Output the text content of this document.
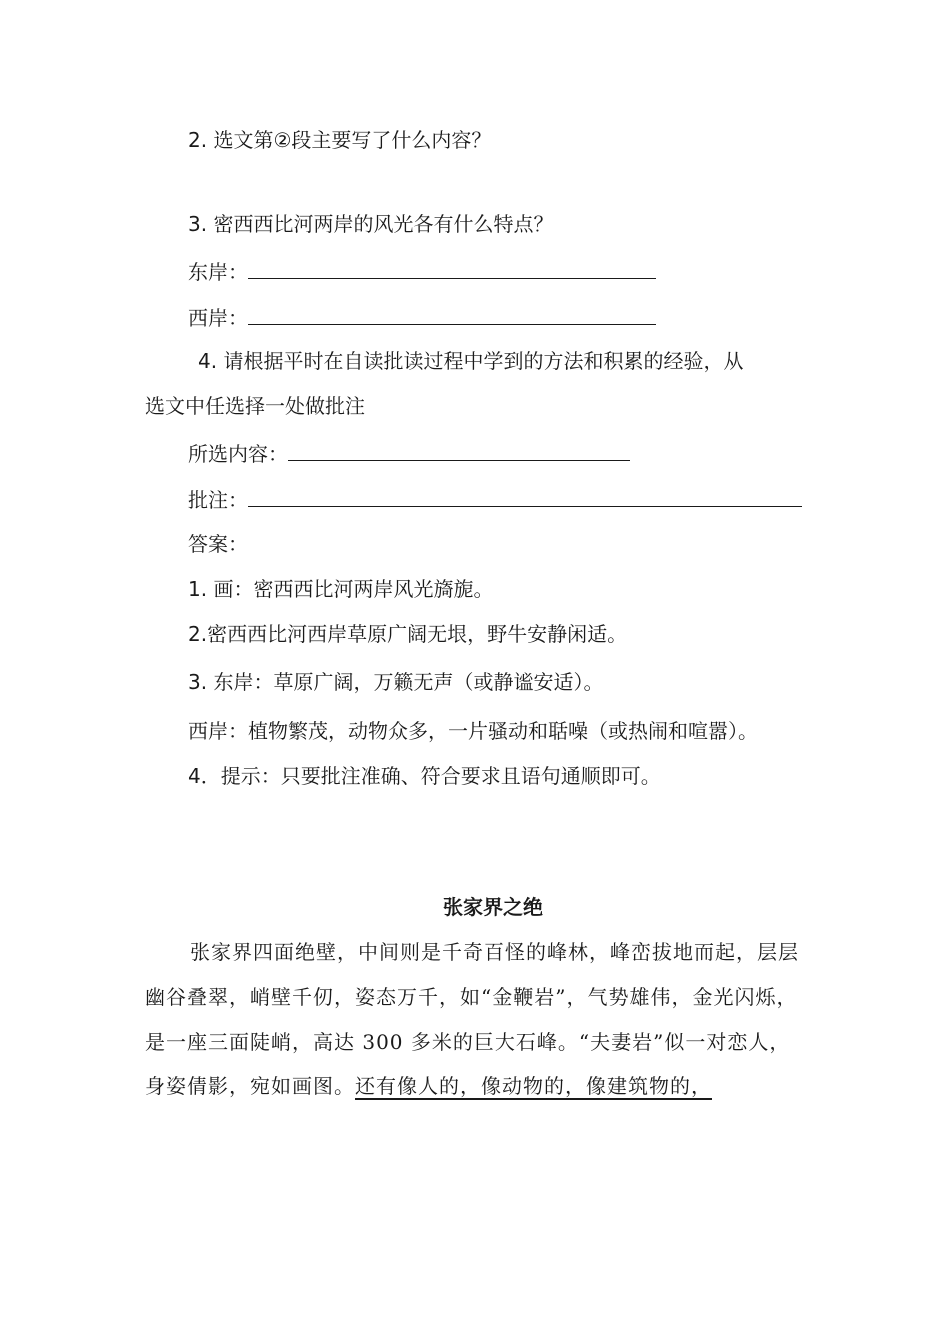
2. 选文第②段主要写了什么内容？
3. 密西西比河两岸的风光各有什么特点？
东岸：
西岸：
4. 请根据平时在自读批读过程中学到的方法和积累的经验，从
选文中任选择一处做批注
所选内容：
批注：
答案：
1. 画：密西西比河两岸风光旖旎。
2.密西西比河西岸草原广阔无垠，野牛安静闲适。
3. 东岸：草原广阔，万籁无声（或静谧安适）。
西岸：植物繁茂，动物众多，一片骚动和聒噪（或热闹和喧嚣）。
4．提示：只要批注准确、符合要求且语句通顺即可。
张家界之绝
张家界四面绝壁，中间则是千奇百怪的峰林，峰峦拔地而起，层层
幽谷叠翠，峭壁千仞，姿态万千，如“金鞭岩”，气势雄伟，金光闪烁，
是一座三面陡峭，高达 300 多米的巨大石峰。“夫妻岩”似一对恋人，
身姿倩影，宛如画图。还有像人的，像动物的，像建筑物的，
